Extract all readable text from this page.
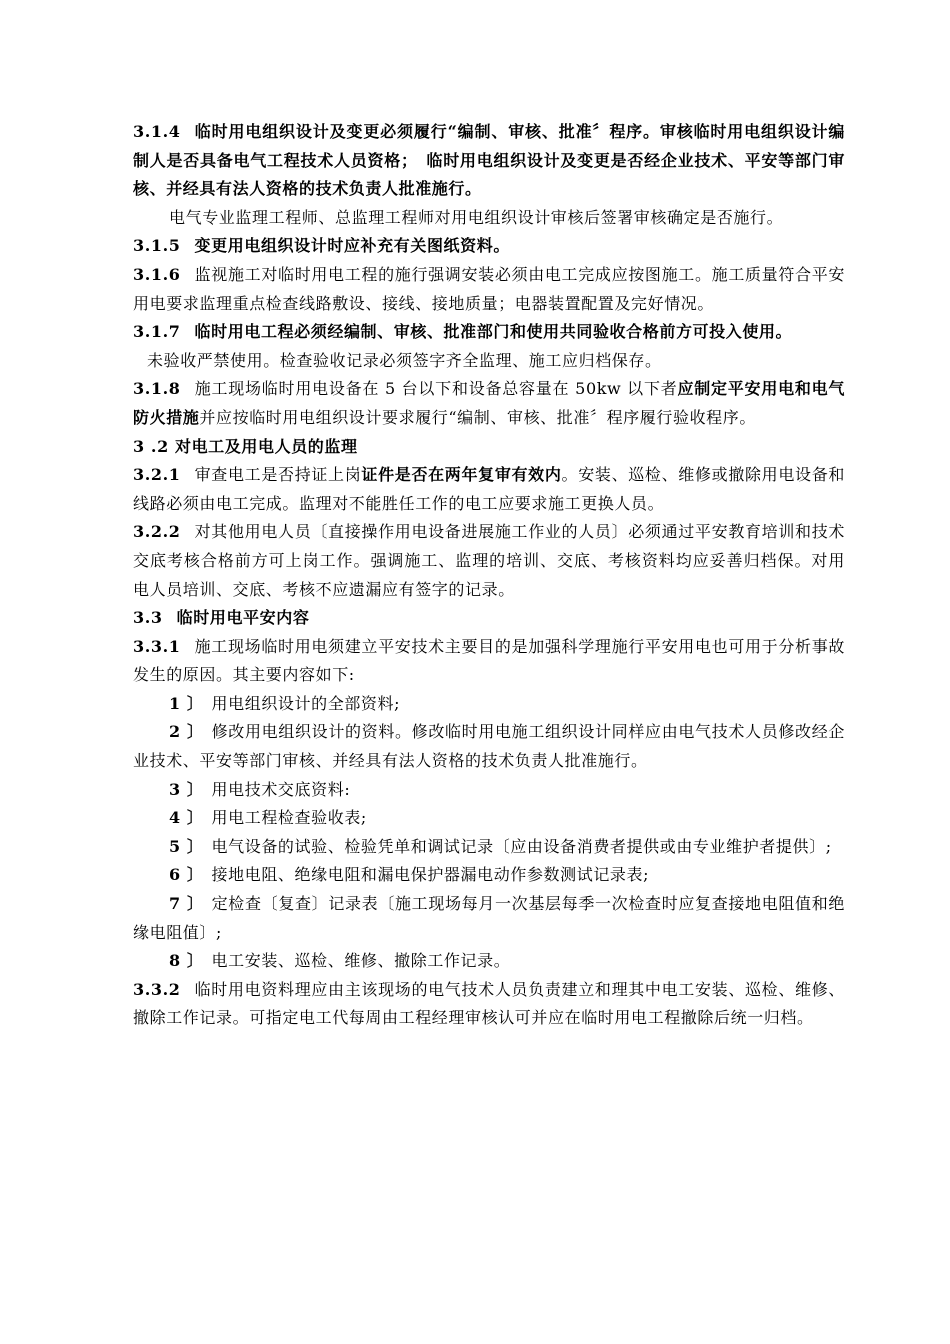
3.1.4 临时用电组织设计及变更必须履行“编制、审核、批准〞程序。审核临时用电组织设计编制人是否具备电气工程技术人员资格；　临时用电组织设计及变更是否经企业技术、平安等部门审核、并经具有法人资格的技术负责人批准施行。

电气专业监理工程师、总监理工程师对用电组织设计审核后签署审核确定是否施行。

3.1.5 变更用电组织设计时应补充有关图纸资料。

3.1.6 监视施工对临时用电工程的施行强调安装必须由电工完成应按图施工。施工质量符合平安用电要求监理重点检查线路敷设、接线、接地质量；电器装置配置及完好情况。

3.1.7 临时用电工程必须经编制、审核、批准部门和使用共同验收合格前方可投入使用。

未验收严禁使用。检查验收记录必须签字齐全监理、施工应归档保存。

3.1.8 施工现场临时用电设备在 5 台以下和设备总容量在 50kw 以下者应制定平安用电和电气防火措施并应按临时用电组织设计要求履行“编制、审核、批准〞程序履行验收程序。

3 .2 对电工及用电人员的监理

3.2.1 审查电工是否持证上岗证件是否在两年复审有效内。安装、巡检、维修或撤除用电设备和线路必须由电工完成。监理对不能胜任工作的电工应要求施工更换人员。

3.2.2 对其他用电人员〔直接操作用电设备进展施工作业的人员〕必须通过平安教育培训和技术交底考核合格前方可上岗工作。强调施工、监理的培训、交底、考核资料均应妥善归档保。对用电人员培训、交底、考核不应遗漏应有签字的记录。

3.3 临时用电平安内容

3.3.1 施工现场临时用电须建立平安技术主要目的是加强科学理施行平安用电也可用于分析事故发生的原因。其主要内容如下:

1 〕 用电组织设计的全部资料;

2 〕 修改用电组织设计的资料。修改临时用电施工组织设计同样应由电气技术人员修改经企业技术、平安等部门审核、并经具有法人资格的技术负责人批准施行。

3 〕 用电技术交底资料:

4 〕 用电工程检查验收表;

5 〕 电气设备的试验、检验凭单和调试记录〔应由设备消费者提供或由专业维护者提供〕;

6 〕 接地电阻、绝缘电阻和漏电保护器漏电动作参数测试记录表;

7 〕 定检查〔复查〕记录表〔施工现场每月一次基层每季一次检查时应复查接地电阻值和绝缘电阻值〕;

8 〕 电工安装、巡检、维修、撤除工作记录。

3.3.2 临时用电资料理应由主该现场的电气技术人员负责建立和理其中电工安装、巡检、维修、撤除工作记录。可指定电工代每周由工程经理审核认可并应在临时用电工程撤除后统一归档。
